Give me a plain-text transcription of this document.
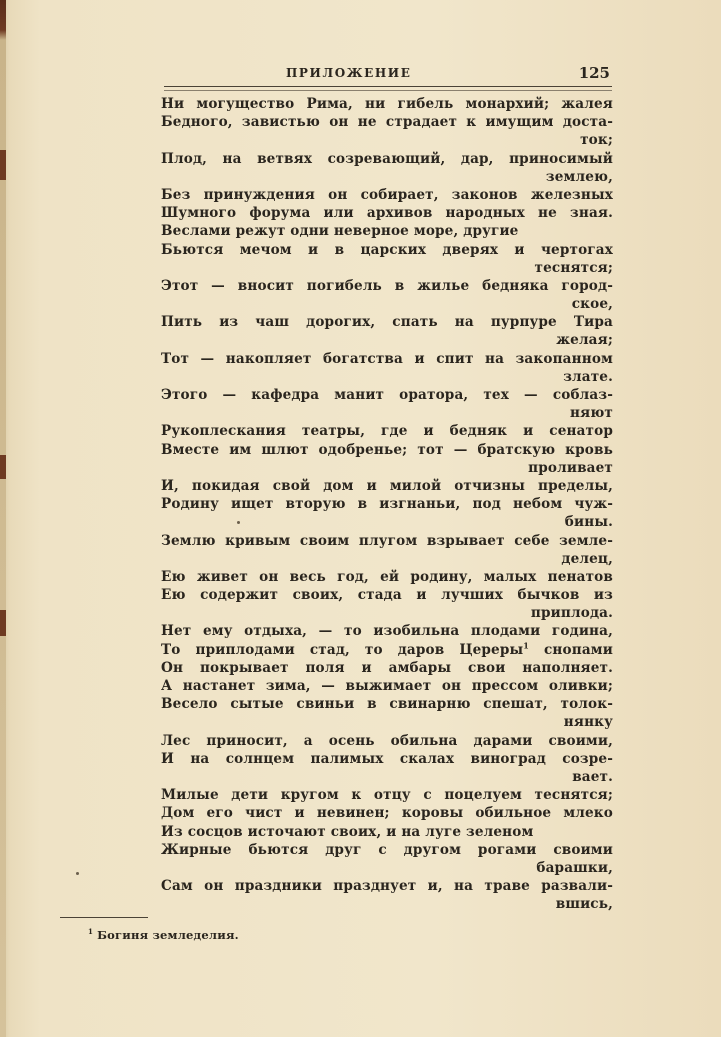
ПРИЛОЖЕНИЕ	125
Ни могущество Рима, ни гибель монархий; жалея
Бедного, завистью он не страдает к имущим доста-
ток;
Плод, на ветвях созревающий, дар, приносимый
землею,
Без принуждения он собирает, законов железных
Шумного форума или архивов народных не зная.
Веслами режут одни неверное море, другие
Бьются мечом и в царских дверях и чертогах
теснятся;
Этот — вносит погибель в жилье бедняка город-
ское,
Пить из чаш дорогих, спать на пурпуре Тира
желая;
Тот — накопляет богатства и спит на закопанном
злате.
Этого — кафедра манит оратора, тех — соблаз-
няют
Рукоплескания театры, где и бедняк и сенатор
Вместе им шлют одобренье; тот — братскую кровь
проливает
И, покидая свой дом и милой отчизны пределы,
Родину ищет вторую в изгнаньи, под небом чуж-
бины.
Землю кривым своим плугом взрывает себе земле-
делец,
Ею живет он весь год, ей родину, малых пенатов
Ею содержит своих, стада и лучших бычков из
приплода.
Нет ему отдыха, — то изобильна плодами година,
То приплодами стад, то даров Цереры$^1$ снопами
Он покрывает поля и амбары свои наполняет.
А настанет зима, — выжимает он прессом оливки;
Весело сытые свиньи в свинарню спешат, толок-
нянку
Лес приносит, а осень обильна дарами своими,
И на солнцем палимых скалах виноград созре-
вает.
Милые дети кругом к отцу с поцелуем теснятся;
Дом его чист и невинен; коровы обильное млеко
Из сосцов источают своих, и на луге зеленом
Жирные бьются друг с другом рогами своими
барашки,
Сам он праздники празднует и, на траве развали-
вшись,
$^1$ Богиня земледелия.
